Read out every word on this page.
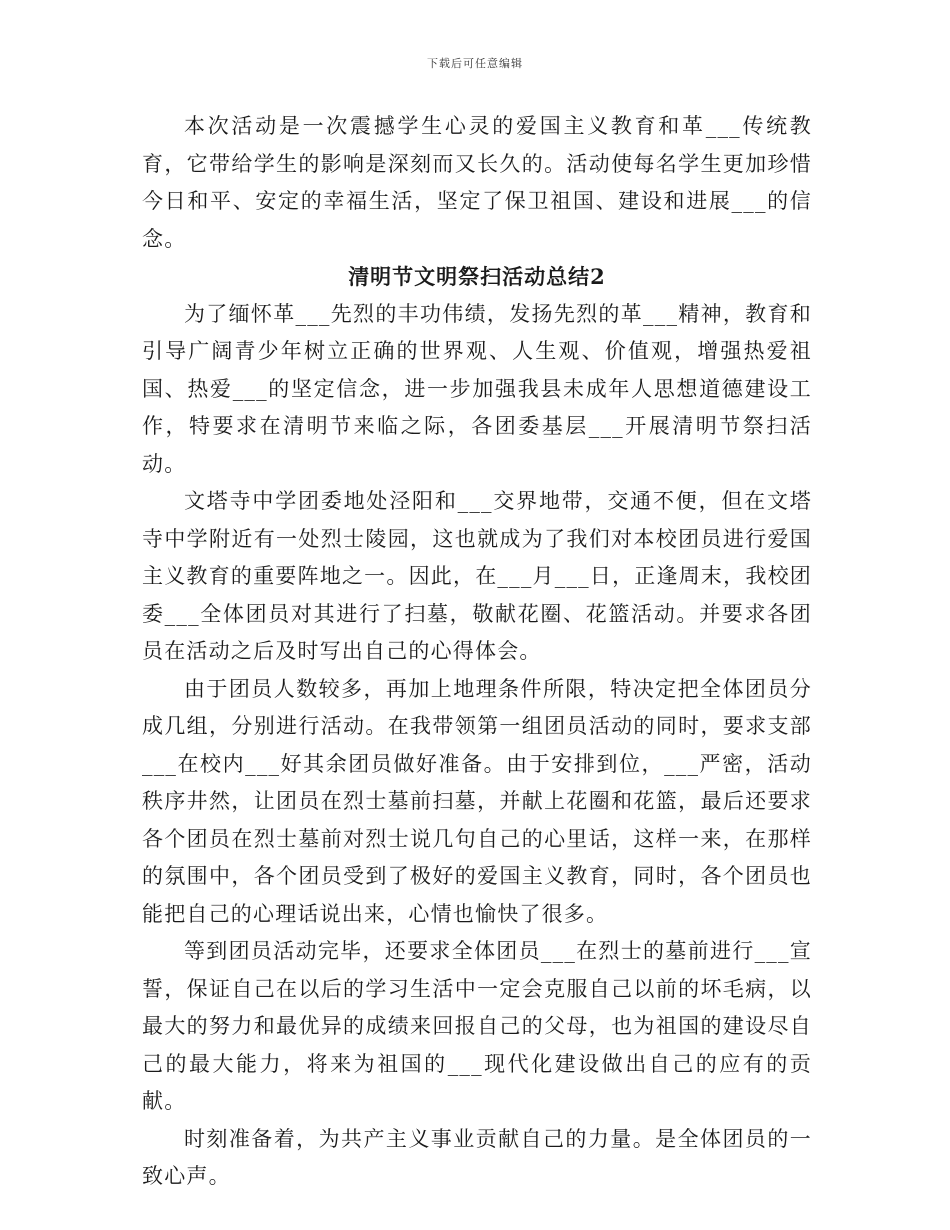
下载后可任意编辑

本次活动是一次震撼学生心灵的爱国主义教育和革___传统教育，它带给学生的影响是深刻而又长久的。活动使每名学生更加珍惜今日和平、安定的幸福生活，坚定了保卫祖国、建设和进展___的信念。

清明节文明祭扫活动总结2

为了缅怀革___先烈的丰功伟绩，发扬先烈的革___精神，教育和引导广阔青少年树立正确的世界观、人生观、价值观，增强热爱祖国、热爱___的坚定信念，进一步加强我县未成年人思想道德建设工作，特要求在清明节来临之际，各团委基层___开展清明节祭扫活动。

文塔寺中学团委地处泾阳和___交界地带，交通不便，但在文塔寺中学附近有一处烈士陵园，这也就成为了我们对本校团员进行爱国主义教育的重要阵地之一。因此，在___月___日，正逢周末，我校团委___全体团员对其进行了扫墓，敬献花圈、花篮活动。并要求各团员在活动之后及时写出自己的心得体会。

由于团员人数较多，再加上地理条件所限，特决定把全体团员分成几组，分别进行活动。在我带领第一组团员活动的同时，要求支部___在校内___好其余团员做好准备。由于安排到位，___严密，活动秩序井然，让团员在烈士墓前扫墓，并献上花圈和花篮，最后还要求各个团员在烈士墓前对烈士说几句自己的心里话，这样一来，在那样的氛围中，各个团员受到了极好的爱国主义教育，同时，各个团员也能把自己的心理话说出来，心情也愉快了很多。

等到团员活动完毕，还要求全体团员___在烈士的墓前进行___宣誓，保证自己在以后的学习生活中一定会克服自己以前的坏毛病，以最大的努力和最优异的成绩来回报自己的父母，也为祖国的建设尽自己的最大能力，将来为祖国的___现代化建设做出自己的应有的贡献。

时刻准备着，为共产主义事业贡献自己的力量。是全体团员的一致心声。
